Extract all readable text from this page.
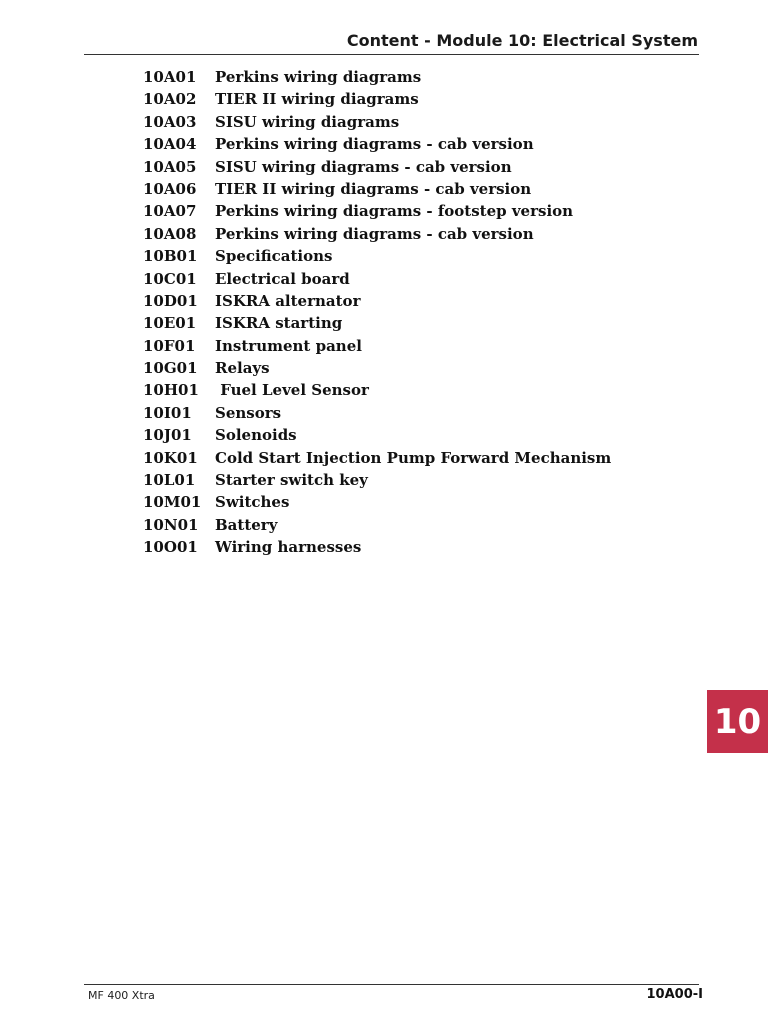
Content - Module 10: Electrical System
10A01 Perkins wiring diagrams
10A02 TIER II wiring diagrams
10A03 SISU wiring diagrams
10A04 Perkins wiring diagrams - cab version
10A05 SISU wiring diagrams - cab version
10A06 TIER II wiring diagrams - cab version
10A07 Perkins wiring diagrams - footstep version
10A08 Perkins wiring diagrams - cab version
10B01 Specifications
10C01 Electrical board
10D01 ISKRA alternator
10E01 ISKRA starting
10F01 Instrument panel
10G01 Relays
10H01 Fuel Level Sensor
10I01 Sensors
10J01 Solenoids
10K01 Cold Start Injection Pump Forward Mechanism
10L01 Starter switch key
10M01 Switches
10N01 Battery
10O01 Wiring harnesses
10
MF 400 Xtra	10A00-I
